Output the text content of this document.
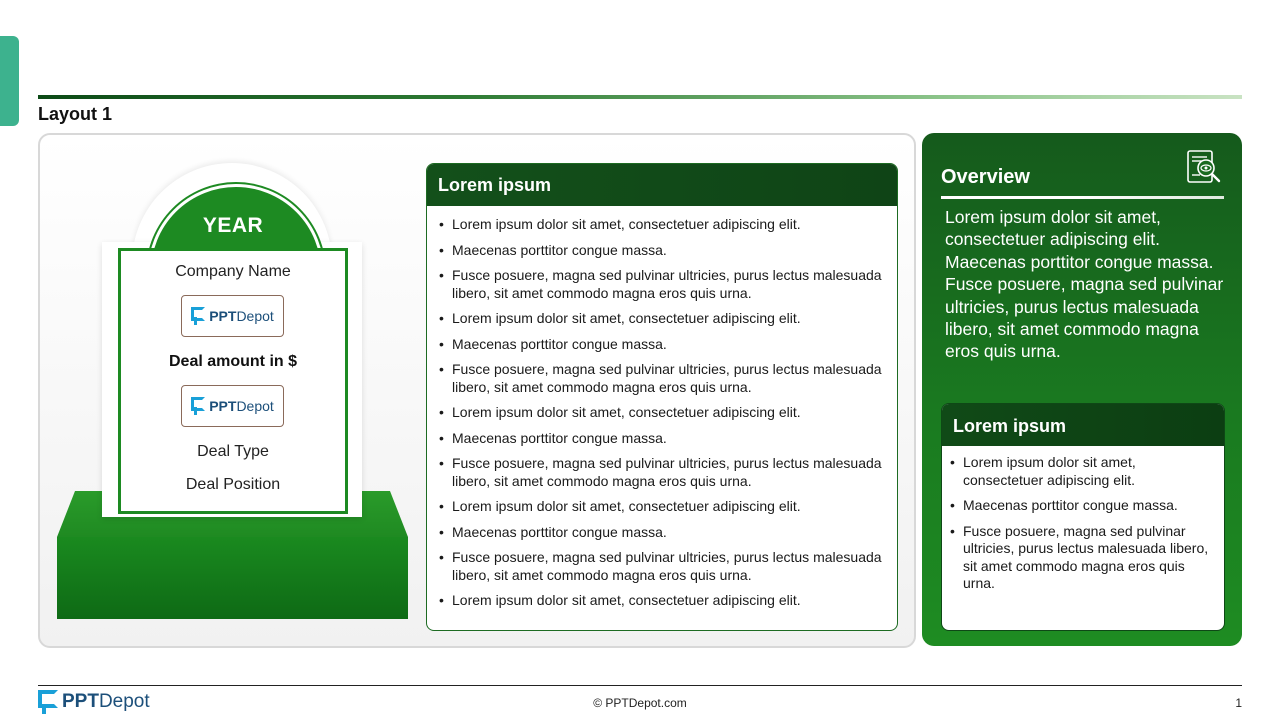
Layout 1
YEAR
Company Name
PPTDepot
Deal amount in $
PPTDepot
Deal Type
Deal Position
Lorem ipsum
• Lorem ipsum dolor sit amet, consectetuer adipiscing elit.
• Maecenas porttitor congue massa.
• Fusce posuere, magna sed pulvinar ultricies, purus lectus malesuada libero, sit amet commodo magna eros quis urna.
• Lorem ipsum dolor sit amet, consectetuer adipiscing elit.
• Maecenas porttitor congue massa.
• Fusce posuere, magna sed pulvinar ultricies, purus lectus malesuada libero, sit amet commodo magna eros quis urna.
• Lorem ipsum dolor sit amet, consectetuer adipiscing elit.
• Maecenas porttitor congue massa.
• Fusce posuere, magna sed pulvinar ultricies, purus lectus malesuada libero, sit amet commodo magna eros quis urna.
• Lorem ipsum dolor sit amet, consectetuer adipiscing elit.
• Maecenas porttitor congue massa.
• Fusce posuere, magna sed pulvinar ultricies, purus lectus malesuada libero, sit amet commodo magna eros quis urna.
• Lorem ipsum dolor sit amet, consectetuer adipiscing elit.
Overview
Lorem ipsum dolor sit amet, consectetuer adipiscing elit. Maecenas porttitor congue massa. Fusce posuere, magna sed pulvinar ultricies, purus lectus malesuada libero, sit amet commodo magna eros quis urna.
Lorem ipsum
• Lorem ipsum dolor sit amet, consectetuer adipiscing elit.
• Maecenas porttitor congue massa.
• Fusce posuere, magna sed pulvinar ultricies, purus lectus malesuada libero, sit amet commodo magna eros quis urna.
PPTDepot	© PPTDepot.com	1
